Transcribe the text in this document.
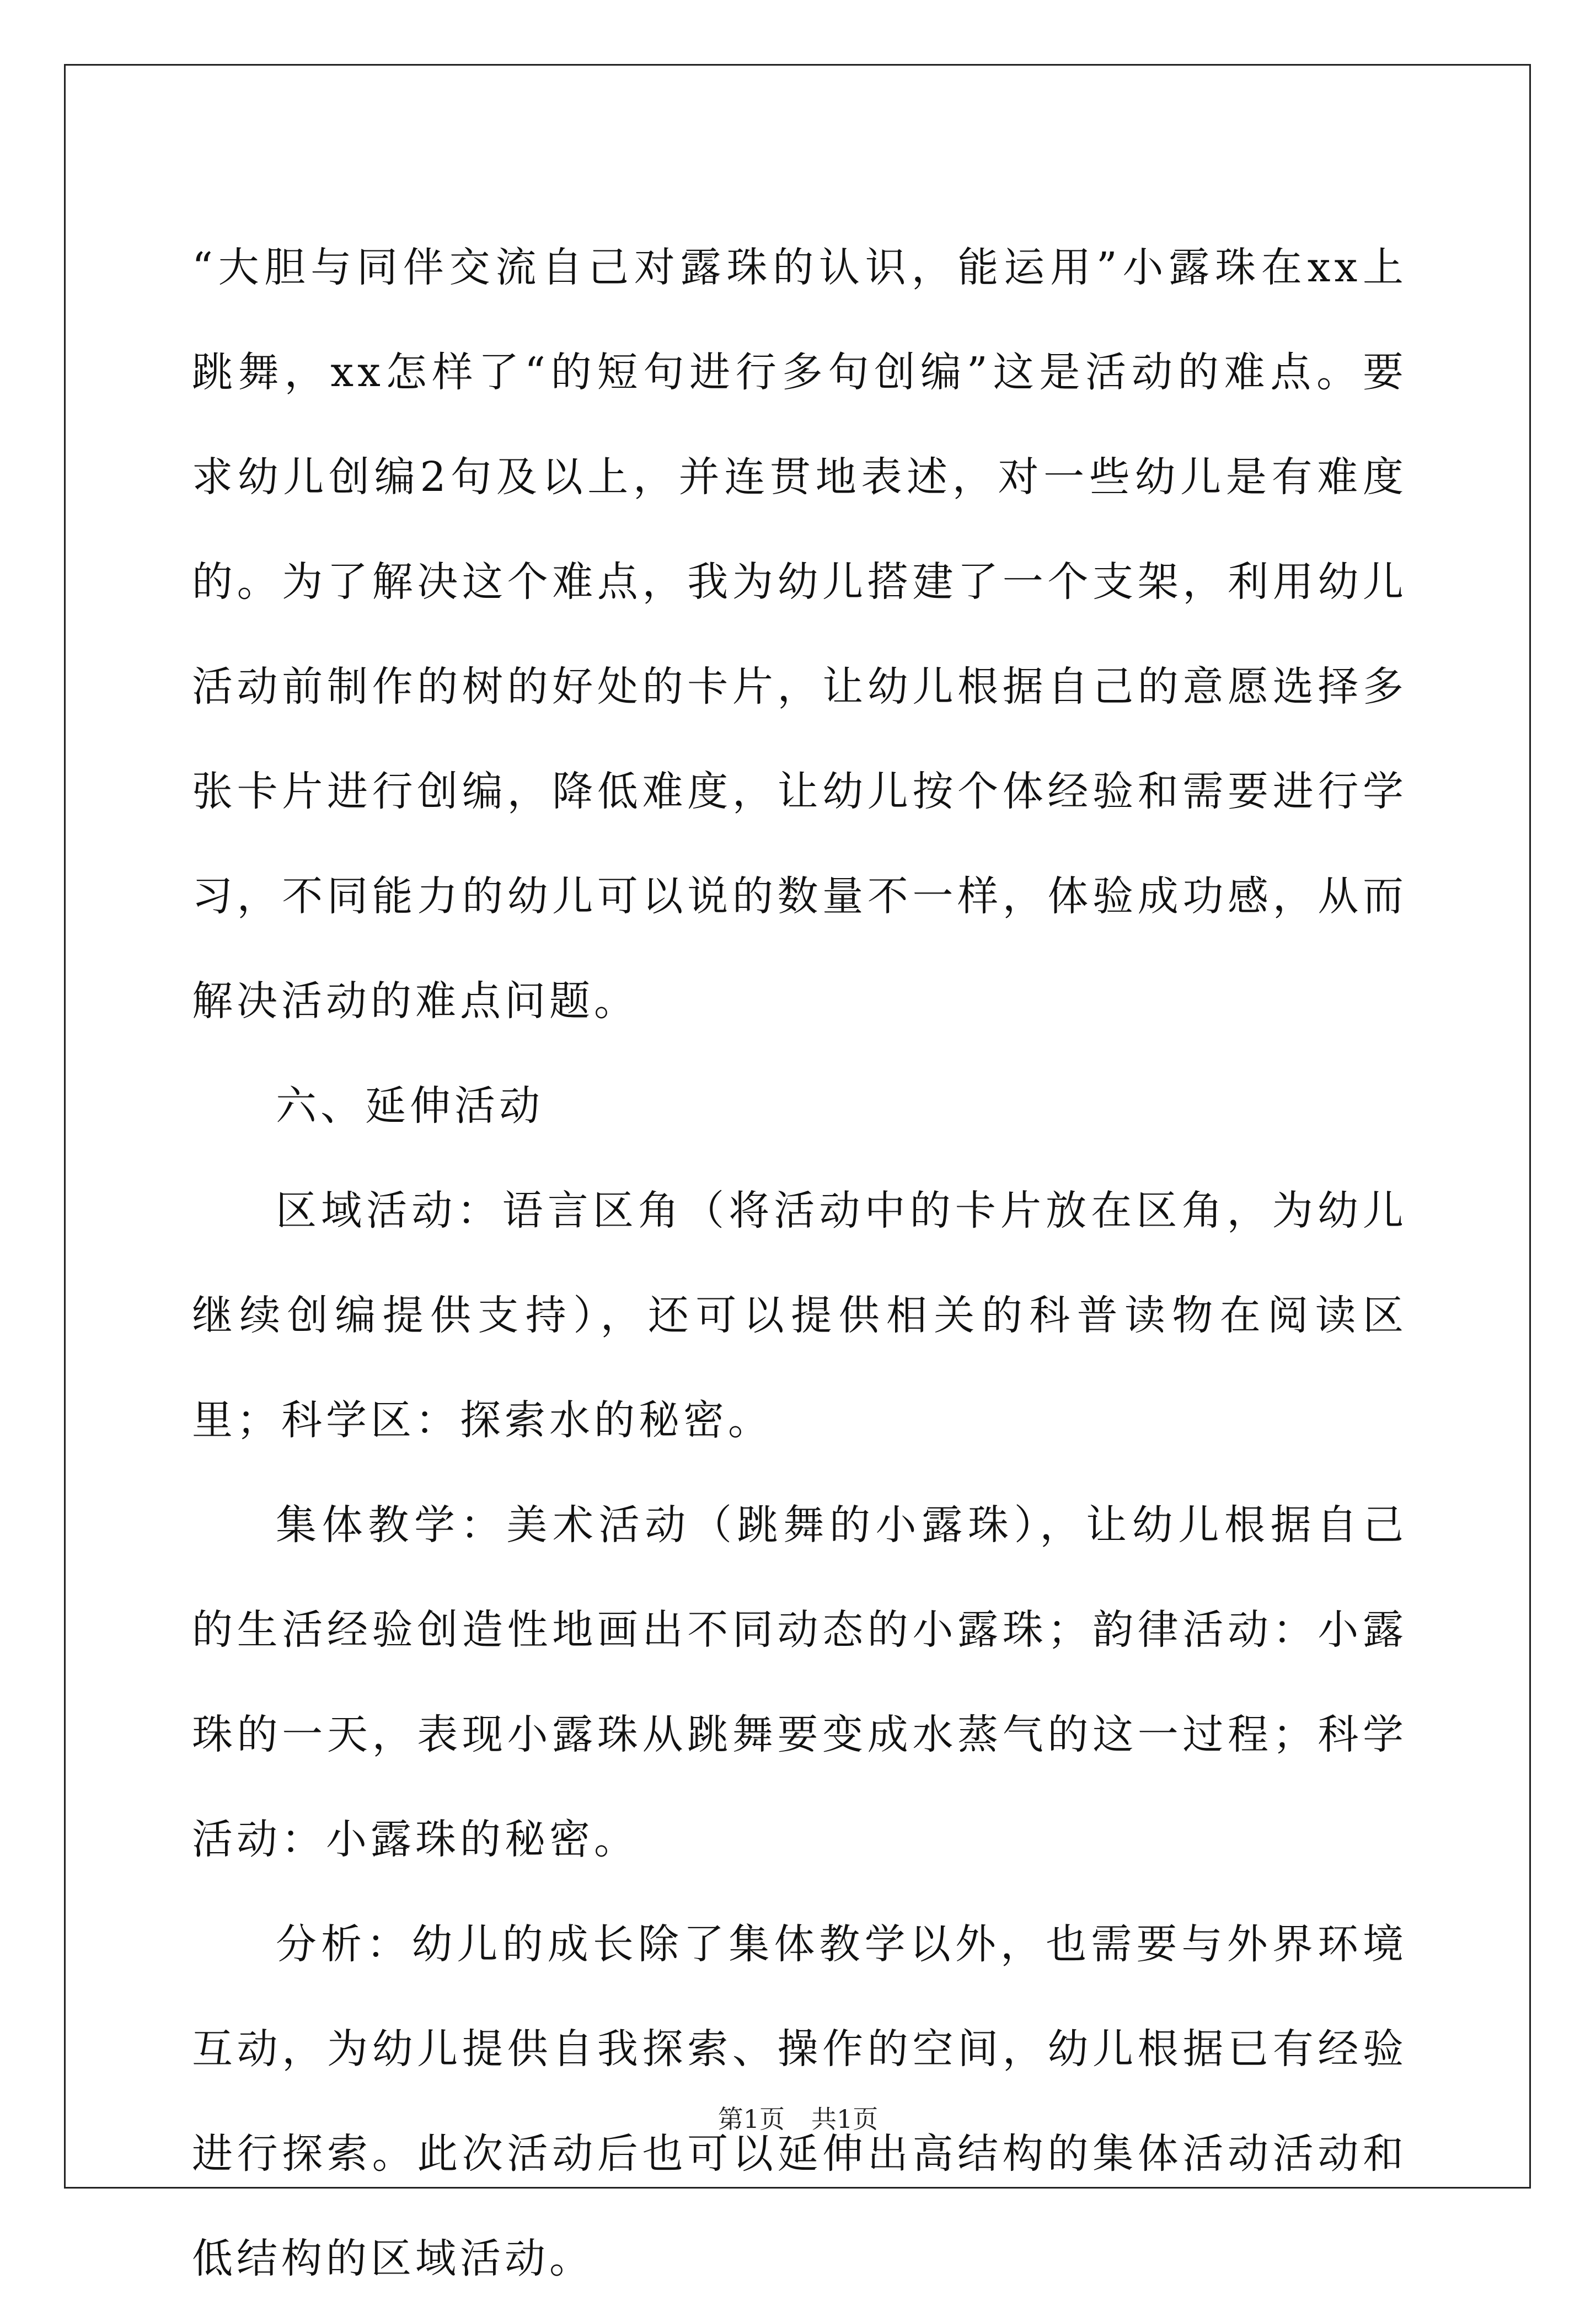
“大胆与同伴交流自己对露珠的认识，能运用”小露珠在xx上跳舞，xx怎样了“的短句进行多句创编”这是活动的难点。要求幼儿创编2句及以上，并连贯地表述，对一些幼儿是有难度的。为了解决这个难点，我为幼儿搭建了一个支架，利用幼儿活动前制作的树的好处的卡片，让幼儿根据自己的意愿选择多张卡片进行创编，降低难度，让幼儿按个体经验和需要进行学习，不同能力的幼儿可以说的数量不一样，体验成功感，从而解决活动的难点问题。

六、延伸活动

区域活动：语言区角（将活动中的卡片放在区角，为幼儿继续创编提供支持），还可以提供相关的科普读物在阅读区里；科学区：探索水的秘密。

集体教学：美术活动（跳舞的小露珠），让幼儿根据自己的生活经验创造性地画出不同动态的小露珠；韵律活动：小露珠的一天，表现小露珠从跳舞要变成水蒸气的这一过程；科学活动：小露珠的秘密。

分析：幼儿的成长除了集体教学以外，也需要与外界环境互动，为幼儿提供自我探索、操作的空间，幼儿根据已有经验进行探索。此次活动后也可以延伸出高结构的集体活动活动和低结构的区域活动。

第1页 共1页
